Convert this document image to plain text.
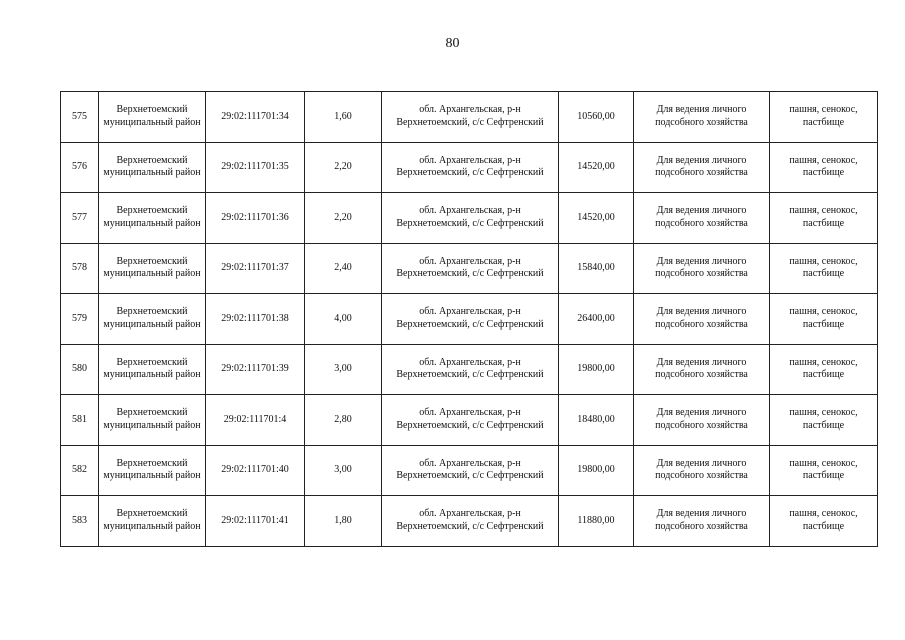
80
575	Верхнетоемский муниципальный район	29:02:111701:34	1,60	обл. Архангельская, р-н Верхнетоемский, с/с Сефтренский	10560,00	Для ведения личного подсобного хозяйства	пашня, сенокос, пастбище
576	Верхнетоемский муниципальный район	29:02:111701:35	2,20	обл. Архангельская, р-н Верхнетоемский, с/с Сефтренский	14520,00	Для ведения личного подсобного хозяйства	пашня, сенокос, пастбище
577	Верхнетоемский муниципальный район	29:02:111701:36	2,20	обл. Архангельская, р-н Верхнетоемский, с/с Сефтренский	14520,00	Для ведения личного подсобного хозяйства	пашня, сенокос, пастбище
578	Верхнетоемский муниципальный район	29:02:111701:37	2,40	обл. Архангельская, р-н Верхнетоемский, с/с Сефтренский	15840,00	Для ведения личного подсобного хозяйства	пашня, сенокос, пастбище
579	Верхнетоемский муниципальный район	29:02:111701:38	4,00	обл. Архангельская, р-н Верхнетоемский, с/с Сефтренский	26400,00	Для ведения личного подсобного хозяйства	пашня, сенокос, пастбище
580	Верхнетоемский муниципальный район	29:02:111701:39	3,00	обл. Архангельская, р-н Верхнетоемский, с/с Сефтренский	19800,00	Для ведения личного подсобного хозяйства	пашня, сенокос, пастбище
581	Верхнетоемский муниципальный район	29:02:111701:4	2,80	обл. Архангельская, р-н Верхнетоемский, с/с Сефтренский	18480,00	Для ведения личного подсобного хозяйства	пашня, сенокос, пастбище
582	Верхнетоемский муниципальный район	29:02:111701:40	3,00	обл. Архангельская, р-н Верхнетоемский, с/с Сефтренский	19800,00	Для ведения личного подсобного хозяйства	пашня, сенокос, пастбище
583	Верхнетоемский муниципальный район	29:02:111701:41	1,80	обл. Архангельская, р-н Верхнетоемский, с/с Сефтренский	11880,00	Для ведения личного подсобного хозяйства	пашня, сенокос, пастбище
